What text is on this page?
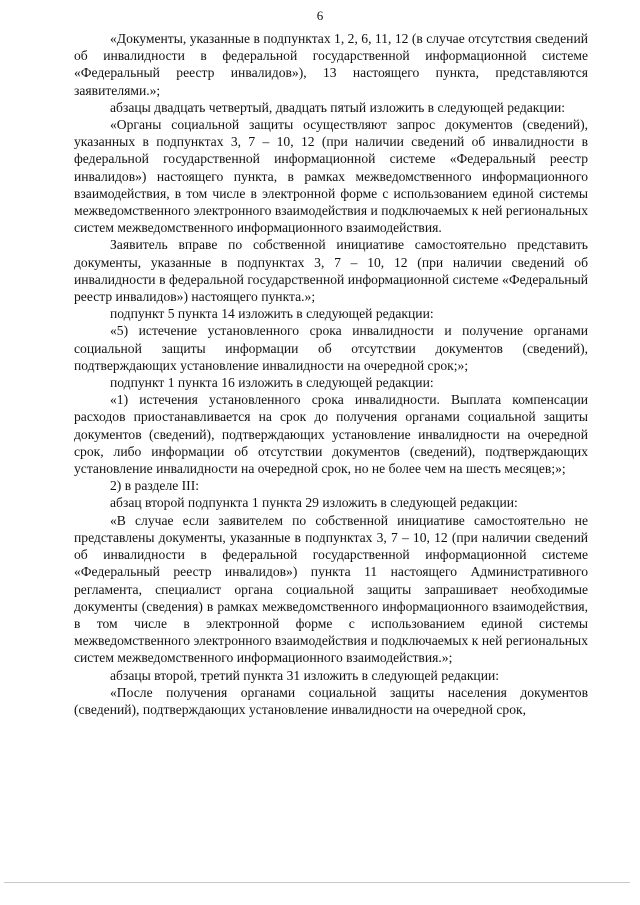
6

«Документы, указанные в подпунктах 1, 2, 6, 11, 12 (в случае отсутствия сведений об инвалидности в федеральной государственной информационной системе «Федеральный реестр инвалидов»), 13 настоящего пункта, представляются заявителями.»;

абзацы двадцать четвертый, двадцать пятый изложить в следующей редакции:

«Органы социальной защиты осуществляют запрос документов (сведений), указанных в подпунктах 3, 7 – 10, 12 (при наличии сведений об инвалидности в федеральной государственной информационной системе «Федеральный реестр инвалидов») настоящего пункта, в рамках межведомственного информационного взаимодействия, в том числе в электронной форме с использованием единой системы межведомственного электронного взаимодействия и подключаемых к ней региональных систем межведомственного информационного взаимодействия.

Заявитель вправе по собственной инициативе самостоятельно представить документы, указанные в подпунктах 3, 7 – 10, 12 (при наличии сведений об инвалидности в федеральной государственной информационной системе «Федеральный реестр инвалидов») настоящего пункта.»;

подпункт 5 пункта 14 изложить в следующей редакции:

«5) истечение установленного срока инвалидности и получение органами социальной защиты информации об отсутствии документов (сведений), подтверждающих установление инвалидности на очередной срок;»;

подпункт 1 пункта 16 изложить в следующей редакции:

«1) истечения установленного срока инвалидности. Выплата компенсации расходов приостанавливается на срок до получения органами социальной защиты документов (сведений), подтверждающих установление инвалидности на очередной срок, либо информации об отсутствии документов (сведений), подтверждающих установление инвалидности на очередной срок, но не более чем на шесть месяцев;»;

2) в разделе III:

абзац второй подпункта 1 пункта 29 изложить в следующей редакции:

«В случае если заявителем по собственной инициативе самостоятельно не представлены документы, указанные в подпунктах 3, 7 – 10, 12 (при наличии сведений об инвалидности в федеральной государственной информационной системе «Федеральный реестр инвалидов») пункта 11 настоящего Административного регламента, специалист органа социальной защиты запрашивает необходимые документы (сведения) в рамках межведомственного информационного взаимодействия, в том числе в электронной форме с использованием единой системы межведомственного электронного взаимодействия и подключаемых к ней региональных систем межведомственного информационного взаимодействия.»;

абзацы второй, третий пункта 31 изложить в следующей редакции:

«После получения органами социальной защиты населения документов (сведений), подтверждающих установление инвалидности на очередной срок,
